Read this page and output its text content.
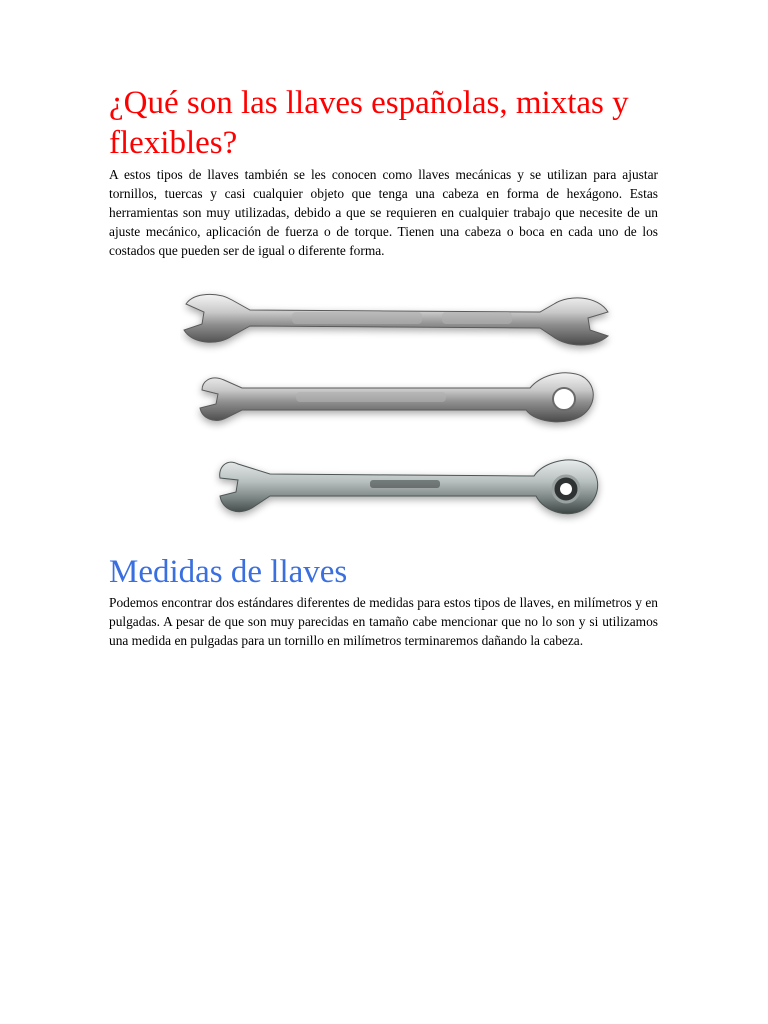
¿Qué son las llaves españolas, mixtas y flexibles?

A estos tipos de llaves también se les conocen como llaves mecánicas y se utilizan para ajustar tornillos, tuercas y casi cualquier objeto que tenga una cabeza en forma de hexágono. Estas herramientas son muy utilizadas, debido a que se requieren en cualquier trabajo que necesite de un ajuste mecánico, aplicación de fuerza o de torque. Tienen una cabeza o boca en cada uno de los costados que pueden ser de igual o diferente forma.

Medidas de llaves

Podemos encontrar dos estándares diferentes de medidas para estos tipos de llaves, en milímetros y en pulgadas. A pesar de que son muy parecidas en tamaño cabe mencionar que no lo son y si utilizamos una medida en pulgadas para un tornillo en milímetros terminaremos dañando la cabeza.
